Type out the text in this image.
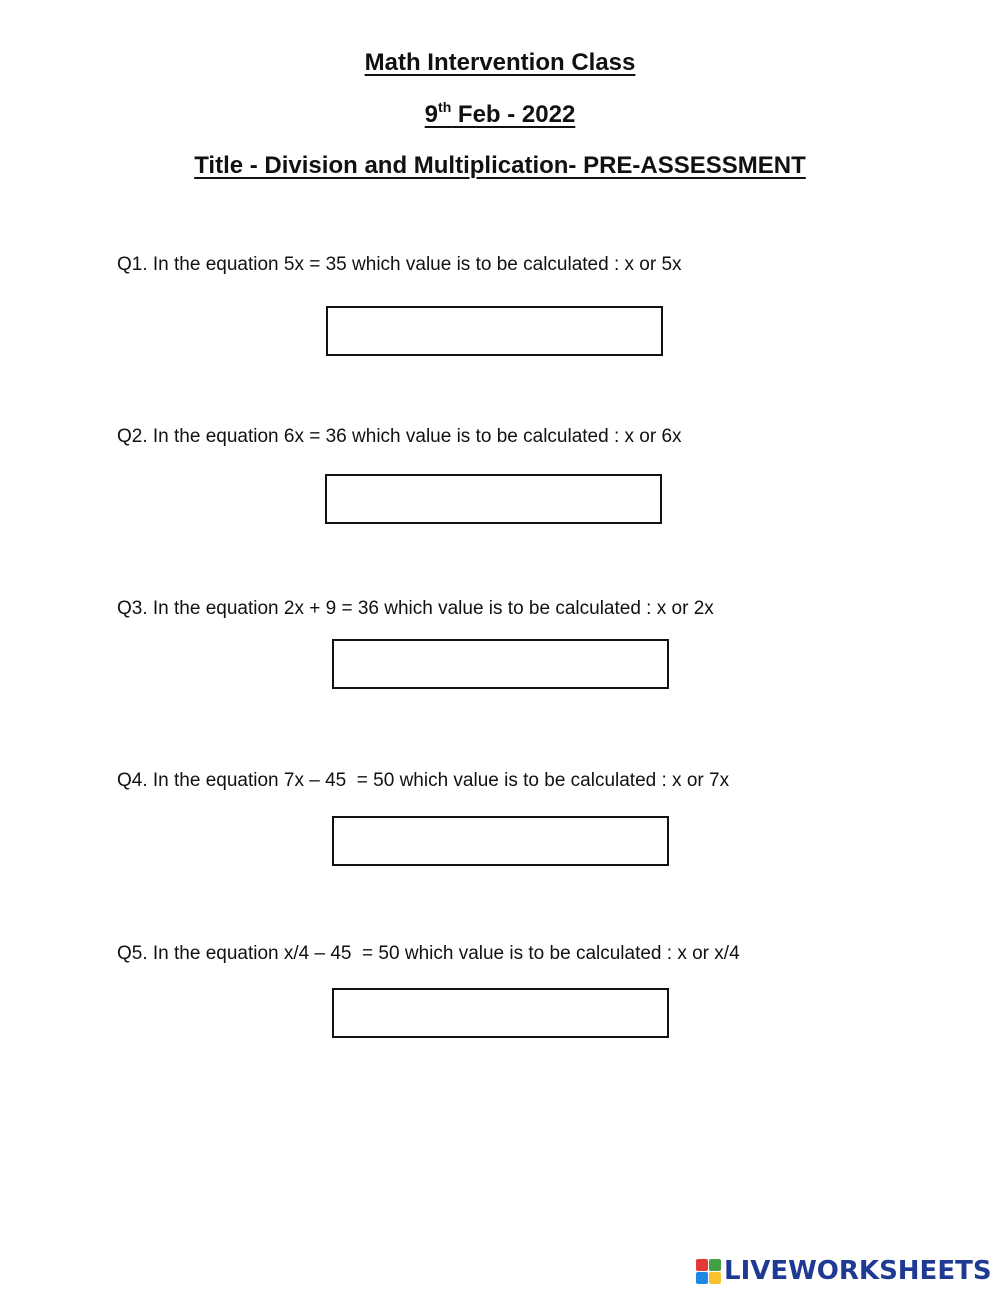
Math Intervention Class
9th Feb - 2022
Title - Division and Multiplication- PRE-ASSESSMENT
Q1. In the equation 5x = 35 which value is to be calculated : x or 5x
Q2. In the equation 6x = 36 which value is to be calculated : x or 6x
Q3. In the equation 2x + 9 = 36 which value is to be calculated : x or 2x
Q4. In the equation 7x – 45  = 50 which value is to be calculated : x or 7x
Q5. In the equation x/4 – 45  = 50 which value is to be calculated : x or x/4
LIVEWORKSHEETS
